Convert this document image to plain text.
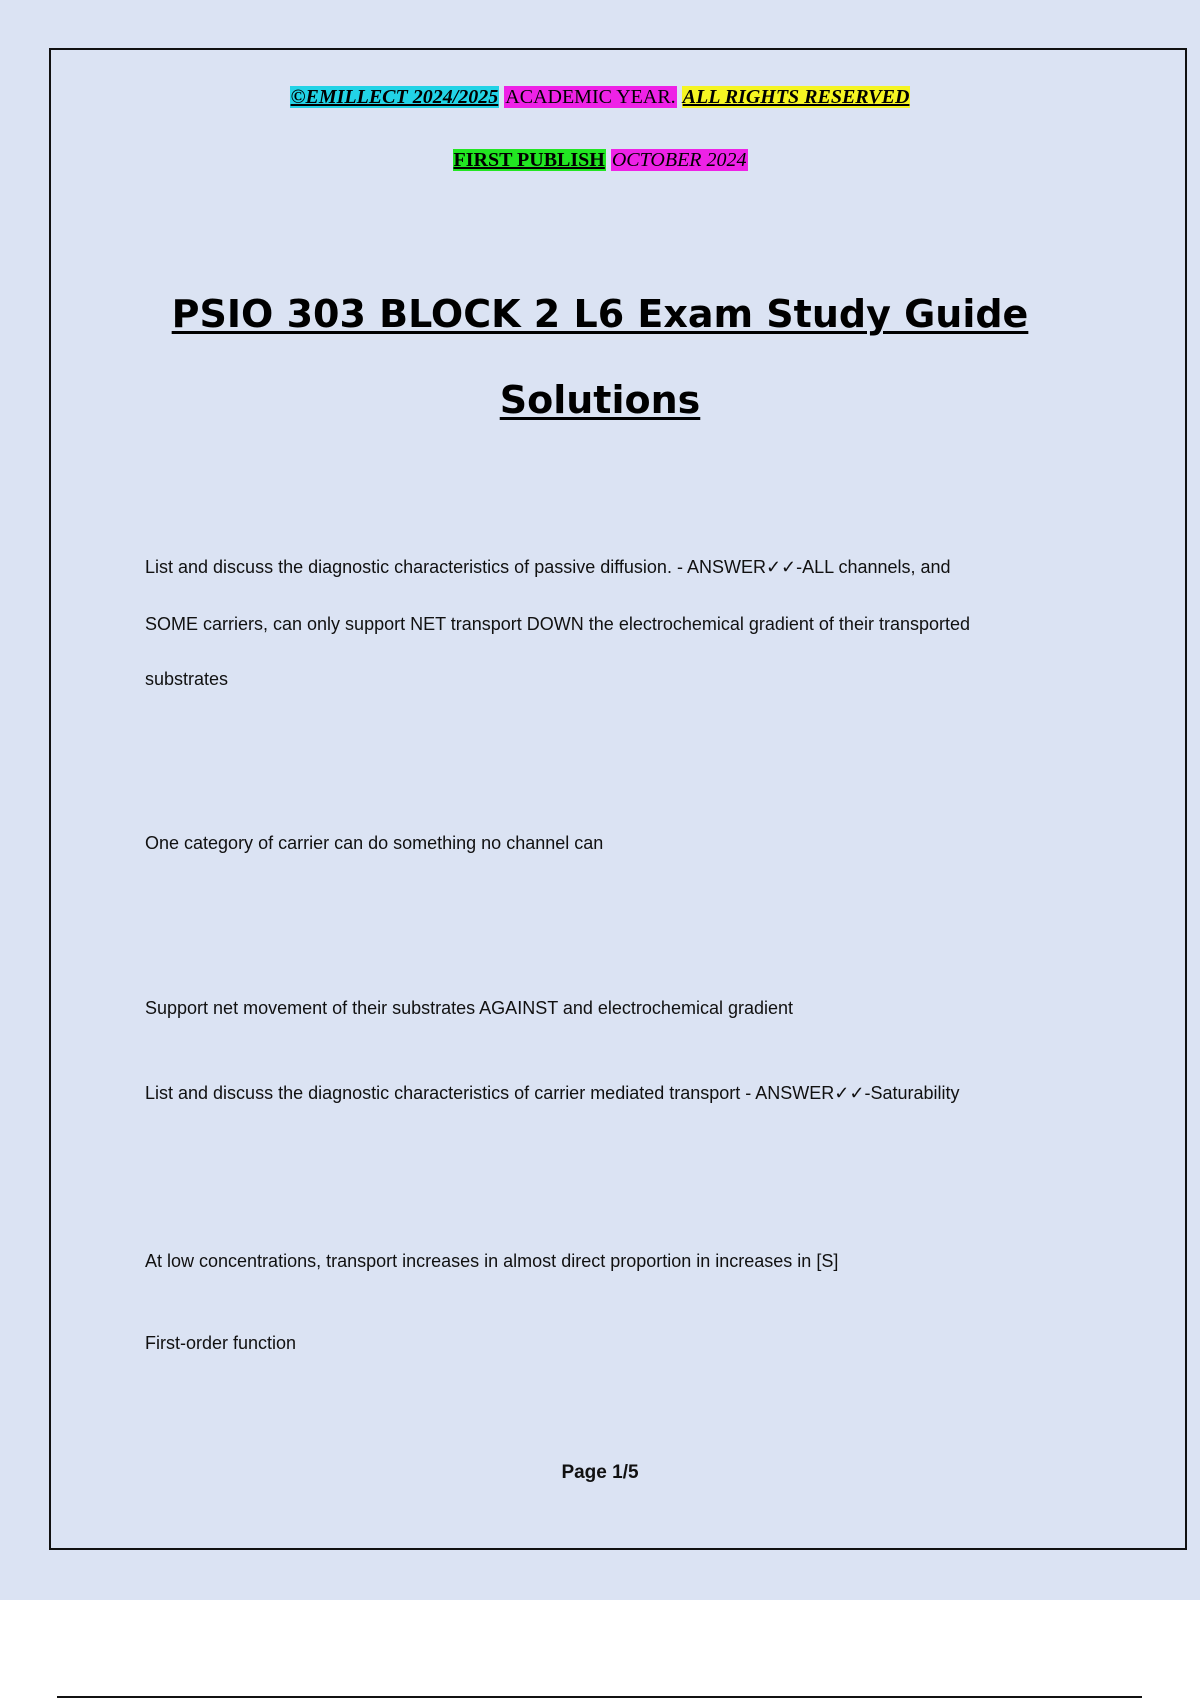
©EMILLECT 2024/2025 ACADEMIC YEAR. ALL RIGHTS RESERVED
FIRST PUBLISH OCTOBER 2024
PSIO 303 BLOCK 2 L6 Exam Study Guide
Solutions
List and discuss the diagnostic characteristics of passive diffusion. - ANSWER✓✓-ALL channels, and
SOME carriers, can only support NET transport DOWN the electrochemical gradient of their transported
substrates
One category of carrier can do something no channel can
Support net movement of their substrates AGAINST and electrochemical gradient
List and discuss the diagnostic characteristics of carrier mediated transport - ANSWER✓✓-Saturability
At low concentrations, transport increases in almost direct proportion in increases in [S]
First-order function
Page 1/5
